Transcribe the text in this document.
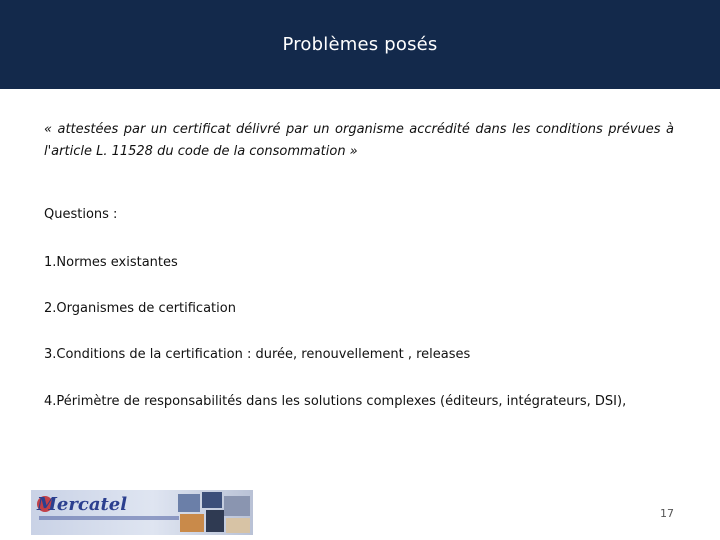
Problèmes posés
« attestées par un certificat délivré par un organisme accrédité dans les conditions prévues à l'article L. 11528 du code de la consommation »
Questions :
1.Normes existantes
2.Organismes de certification
3.Conditions de la certification : durée, renouvellement , releases
4.Périmètre de responsabilités dans les solutions complexes (éditeurs, intégrateurs, DSI),
Mercatel	17
